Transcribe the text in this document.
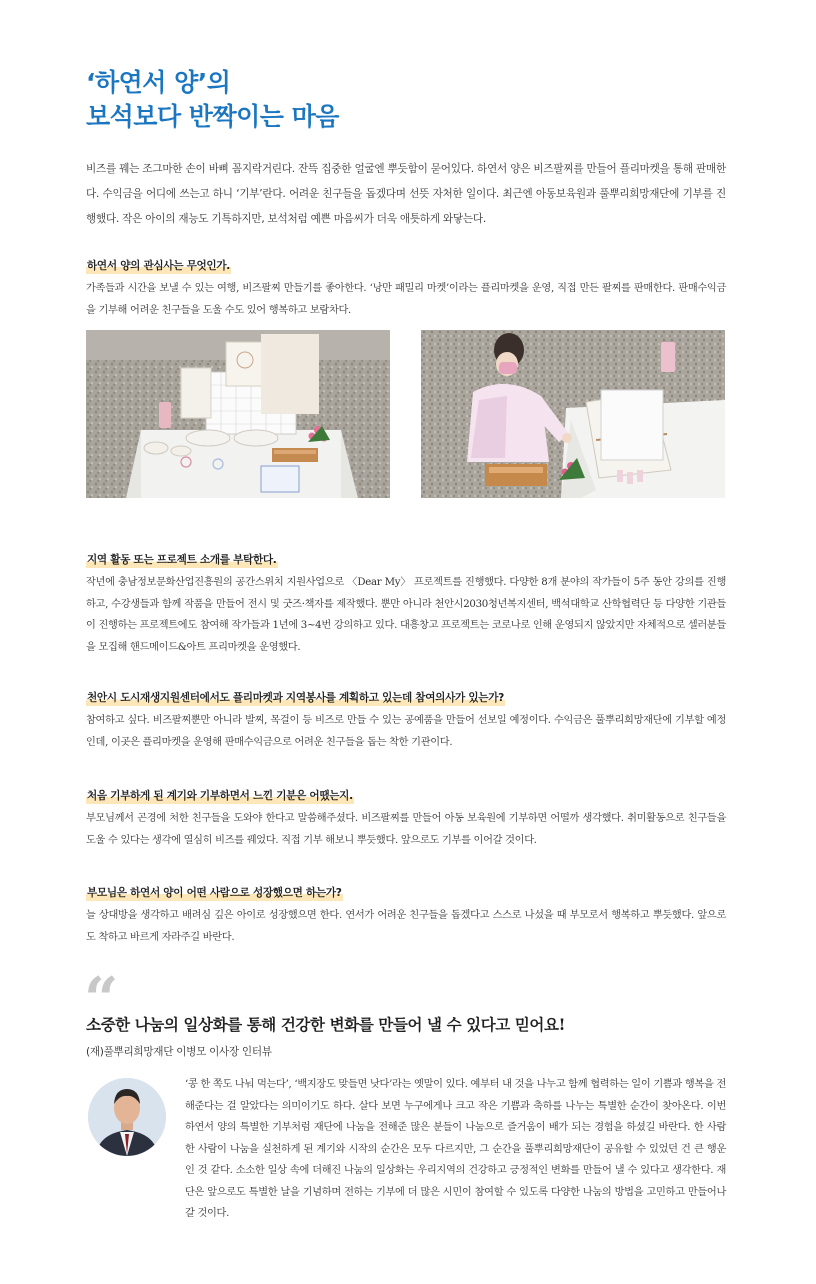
‘하연서 양’의
보석보다 반짝이는 마음

비즈를 꿰는 조그마한 손이 바삐 꼼지락거린다. 잔뜩 집중한 얼굴엔 뿌듯함이 묻어있다. 하연서 양은 비즈팔찌를 만들어 플리마켓을 통해 판매한다. 수익금을 어디에 쓰는고 하니 ‘기부’란다. 어려운 친구들을 돕겠다며 선뜻 자처한 일이다. 최근엔 아동보육원과 풀뿌리희망재단에 기부를 진행했다. 작은 아이의 재능도 기특하지만, 보석처럼 예쁜 마음씨가 더욱 애틋하게 와닿는다.

하연서 양의 관심사는 무엇인가.

가족들과 시간을 보낼 수 있는 여행, 비즈팔찌 만들기를 좋아한다. ‘낭만 패밀리 마켓’이라는 플리마켓을 운영, 직접 만든 팔찌를 판매한다. 판매수익금을 기부해 어려운 친구들을 도울 수도 있어 행복하고 보람차다.

지역 활동 또는 프로젝트 소개를 부탁한다.

작년에 충남정보문화산업진흥원의 공간스위치 지원사업으로 〈Dear My〉 프로젝트를 진행했다. 다양한 8개 분야의 작가들이 5주 동안 강의를 진행하고, 수강생들과 함께 작품을 만들어 전시 및 굿즈·책자를 제작했다. 뿐만 아니라 천안시2030청년복지센터, 백석대학교 산학협력단 등 다양한 기관들이 진행하는 프로젝트에도 참여해 작가들과 1년에 3~4번 강의하고 있다. 대흥창고 프로젝트는 코로나로 인해 운영되지 않았지만 자체적으로 셀러분들을 모집해 핸드메이드&아트 프리마켓을 운영했다.

천안시 도시재생지원센터에서도 플리마켓과 지역봉사를 계획하고 있는데 참여의사가 있는가?

참여하고 싶다. 비즈팔찌뿐만 아니라 발찌, 목걸이 등 비즈로 만들 수 있는 공예품을 만들어 선보일 예정이다. 수익금은 풀뿌리희망재단에 기부할 예정인데, 이곳은 플리마켓을 운영해 판매수익금으로 어려운 친구들을 돕는 착한 기관이다.

처음 기부하게 된 계기와 기부하면서 느낀 기분은 어땠는지.

부모님께서 곤경에 처한 친구들을 도와야 한다고 말씀해주셨다. 비즈팔찌를 만들어 아동 보육원에 기부하면 어떨까 생각했다. 취미활동으로 친구들을 도울 수 있다는 생각에 열심히 비즈를 꿰었다. 직접 기부 해보니 뿌듯했다. 앞으로도 기부를 이어갈 것이다.

부모님은 하연서 양이 어떤 사람으로 성장했으면 하는가?

늘 상대방을 생각하고 배려심 깊은 아이로 성장했으면 한다. 연서가 어려운 친구들을 돕겠다고 스스로 나섰을 때 부모로서 행복하고 뿌듯했다. 앞으로도 착하고 바르게 자라주길 바란다.

“
소중한 나눔의 일상화를 통해 건강한 변화를 만들어 낼 수 있다고 믿어요!
(재)풀뿌리희망재단 이병모 이사장 인터뷰

‘콩 한 쪽도 나눠 먹는다’, ‘백지장도 맞들면 낫다’라는 옛말이 있다. 예부터 내 것을 나누고 함께 협력하는 일이 기쁨과 행복을 전해준다는 걸 알았다는 의미이기도 하다. 살다 보면 누구에게나 크고 작은 기쁨과 축하를 나누는 특별한 순간이 찾아온다. 이번 하연서 양의 특별한 기부처럼 재단에 나눔을 전해준 많은 분들이 나눔으로 즐거움이 배가 되는 경험을 하셨길 바란다. 한 사람 한 사람이 나눔을 실천하게 된 계기와 시작의 순간은 모두 다르지만, 그 순간을 풀뿌리희망재단이 공유할 수 있었던 건 큰 행운인 것 같다. 소소한 일상 속에 더해진 나눔의 일상화는 우리지역의 건강하고 긍정적인 변화를 만들어 낼 수 있다고 생각한다. 재단은 앞으로도 특별한 날을 기념하며 전하는 기부에 더 많은 시민이 참여할 수 있도록 다양한 나눔의 방법을 고민하고 만들어나갈 것이다.
